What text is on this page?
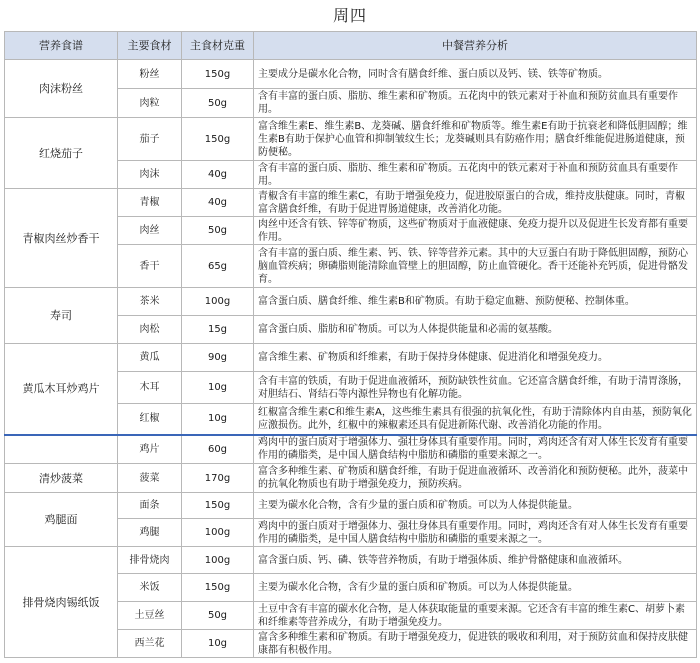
周四
营养食谱	主要食材	主食材克重	中餐营养分析
肉沫粉丝	粉丝	150g	主要成分是碳水化合物，同时含有膳食纤维、蛋白质以及钙、镁、铁等矿物质。
	肉粒	50g	含有丰富的蛋白质、脂肪、维生素和矿物质。五花肉中的铁元素对于补血和预防贫血具有重要作用。
红烧茄子	茄子	150g	富含维生素E、维生素B、龙葵碱、膳食纤维和矿物质等。维生素E有助于抗衰老和降低胆固醇；维生素B有助于保护心血管和抑制皱纹生长；龙葵碱则具有防癌作用；膳食纤维能促进肠道健康，预防便秘。
	肉沫	40g	含有丰富的蛋白质、脂肪、维生素和矿物质。五花肉中的铁元素对于补血和预防贫血具有重要作用。
青椒肉丝炒香干	青椒	40g	青椒含有丰富的维生素C，有助于增强免疫力，促进胶原蛋白的合成，维持皮肤健康。同时，青椒富含膳食纤维，有助于促进胃肠道健康，改善消化功能。
	肉丝	50g	肉丝中还含有铁、锌等矿物质，这些矿物质对于血液健康、免疫力提升以及促进生长发育都有重要作用。
	香干	65g	含有丰富的蛋白质、维生素、钙、铁、锌等营养元素。其中的大豆蛋白有助于降低胆固醇，预防心脑血管疾病；卵磷脂则能清除血管壁上的胆固醇，防止血管硬化。香干还能补充钙质，促进骨骼发育。
寿司	茶米	100g	富含蛋白质、膳食纤维、维生素B和矿物质。有助于稳定血糖、预防便秘、控制体重。
	肉松	15g	富含蛋白质、脂肪和矿物质。可以为人体提供能量和必需的氨基酸。
黄瓜木耳炒鸡片	黄瓜	90g	富含维生素、矿物质和纤维素，有助于保持身体健康、促进消化和增强免疫力。
	木耳	10g	含有丰富的铁质，有助于促进血液循环，预防缺铁性贫血。它还富含膳食纤维，有助于清胃涤肠，对胆结石、肾结石等内源性异物也有化解功能。
	红椒	10g	红椒富含维生素C和维生素A，这些维生素具有很强的抗氧化性，有助于清除体内自由基，预防氧化应激损伤。此外，红椒中的辣椒素还具有促进新陈代谢、改善消化功能的作用。
	鸡片	60g	鸡肉中的蛋白质对于增强体力、强壮身体具有重要作用。同时，鸡肉还含有对人体生长发育有重要作用的磷脂类，是中国人膳食结构中脂肪和磷脂的重要来源之一。
清炒菠菜	菠菜	170g	富含多种维生素、矿物质和膳食纤维，有助于促进血液循环、改善消化和预防便秘。此外，菠菜中的抗氧化物质也有助于增强免疫力，预防疾病。
鸡腿面	面条	150g	主要为碳水化合物，含有少量的蛋白质和矿物质。可以为人体提供能量。
	鸡腿	100g	鸡肉中的蛋白质对于增强体力、强壮身体具有重要作用。同时，鸡肉还含有对人体生长发育有重要作用的磷脂类，是中国人膳食结构中脂肪和磷脂的重要来源之一。
排骨烧肉锡纸饭	排骨烧肉	100g	富含蛋白质、钙、磷、铁等营养物质，有助于增强体质、维护骨骼健康和血液循环。
	米饭	150g	主要为碳水化合物，含有少量的蛋白质和矿物质。可以为人体提供能量。
	土豆丝	50g	土豆中含有丰富的碳水化合物，是人体获取能量的重要来源。它还含有丰富的维生素C、胡萝卜素和纤维素等营养成分，有助于增强免疫力。
	西兰花	10g	富含多种维生素和矿物质。有助于增强免疫力，促进铁的吸收和利用，对于预防贫血和保持皮肤健康都有积极作用。
